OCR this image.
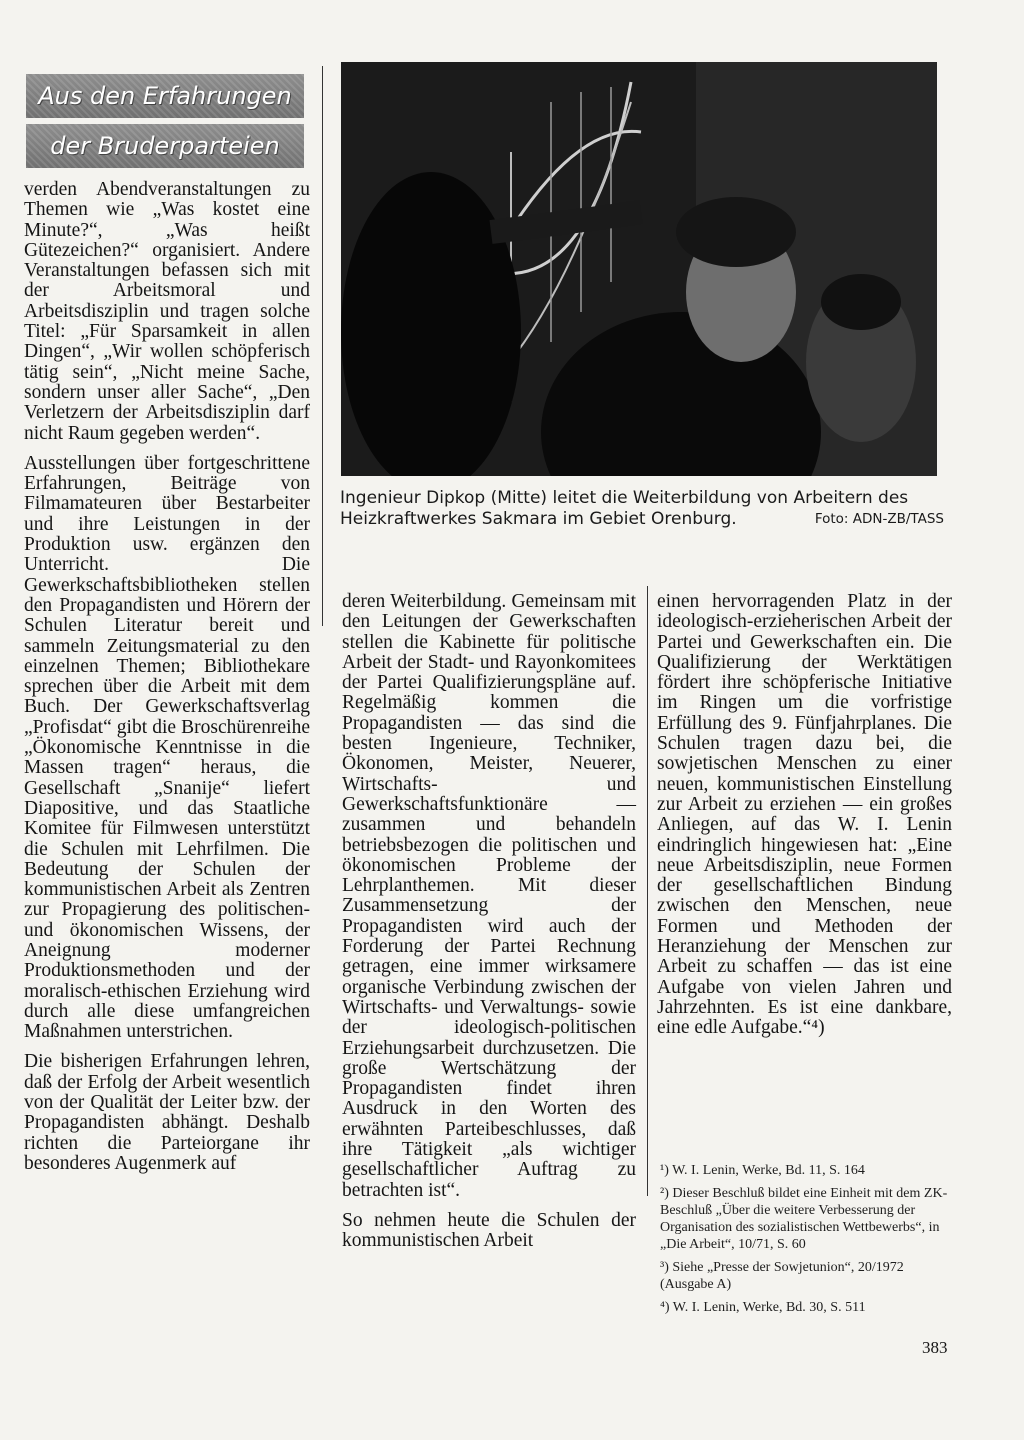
Aus den Erfahrungen
der Bruderparteien

verden Abendveranstaltungen zu Themen wie „Was kostet eine Minute?“, „Was heißt Gütezeichen?“ organisiert. Andere Veranstaltungen befassen sich mit der Arbeitsmoral und Arbeitsdisziplin und tragen solche Titel: „Für Sparsamkeit in allen Dingen“, „Wir wollen schöpferisch tätig sein“, „Nicht meine Sache, sondern unser aller Sache“, „Den Verletzern der Arbeitsdisziplin darf nicht Raum gegeben werden“.

Ausstellungen über fortgeschrittene Erfahrungen, Beiträge von Filmamateuren über Bestarbeiter und ihre Leistungen in der Produktion usw. ergänzen den Unterricht. Die Gewerkschaftsbibliotheken stellen den Propagandisten und Hörern der Schulen Literatur bereit und sammeln Zeitungsmaterial zu den einzelnen Themen; Bibliothekare sprechen über die Arbeit mit dem Buch. Der Gewerkschaftsverlag „Profisdat“ gibt die Broschürenreihe „Ökonomische Kenntnisse in die Massen tragen“ heraus, die Gesellschaft „Snanije“ liefert Diapositive, und das Staatliche Komitee für Filmwesen unterstützt die Schulen mit Lehrfilmen. Die Bedeutung der Schulen der kommunistischen Arbeit als Zentren zur Propagierung des politischen- und ökonomischen Wissens, der Aneignung moderner Produktionsmethoden und der moralisch-ethischen Erziehung wird durch alle diese umfangreichen Maßnahmen unterstrichen.

Die bisherigen Erfahrungen lehren, daß der Erfolg der Arbeit wesentlich von der Qualität der Leiter bzw. der Propagandisten abhängt. Deshalb richten die Parteiorgane ihr besonderes Augenmerk auf

Ingenieur Dipkop (Mitte) leitet die Weiterbildung von Arbeitern des Heizkraftwerkes Sakmara im Gebiet Orenburg.	Foto: ADN-ZB/TASS

deren Weiterbildung. Gemeinsam mit den Leitungen der Gewerkschaften stellen die Kabinette für politische Arbeit der Stadt- und Rayonkomitees der Partei Qualifizierungspläne auf. Regelmäßig kommen die Propagandisten — das sind die besten Ingenieure, Techniker, Ökonomen, Meister, Neuerer, Wirtschafts- und Gewerkschaftsfunktionäre — zusammen und behandeln betriebsbezogen die politischen und ökonomischen Probleme der Lehrplanthemen. Mit dieser Zusammensetzung der Propagandisten wird auch der Forderung der Partei Rechnung getragen, eine immer wirksamere organische Verbindung zwischen der Wirtschafts- und Verwaltungs- sowie der ideologisch-politischen Erziehungsarbeit durchzusetzen. Die große Wertschätzung der Propagandisten findet ihren Ausdruck in den Worten des erwähnten Parteibeschlusses, daß ihre Tätigkeit „als wichtiger gesellschaftlicher Auftrag zu betrachten ist“.

So nehmen heute die Schulen der kommunistischen Arbeit

einen hervorragenden Platz in der ideologisch-erzieherischen Arbeit der Partei und Gewerkschaften ein. Die Qualifizierung der Werktätigen fördert ihre schöpferische Initiative im Ringen um die vorfristige Erfüllung des 9. Fünfjahrplanes. Die Schulen tragen dazu bei, die sowjetischen Menschen zu einer neuen, kommunistischen Einstellung zur Arbeit zu erziehen — ein großes Anliegen, auf das W. I. Lenin eindringlich hingewiesen hat: „Eine neue Arbeitsdisziplin, neue Formen der gesellschaftlichen Bindung zwischen den Menschen, neue Formen und Methoden der Heranziehung der Menschen zur Arbeit zu schaffen — das ist eine Aufgabe von vielen Jahren und Jahrzehnten. Es ist eine dankbare, eine edle Aufgabe.“⁴)

¹) W. I. Lenin, Werke, Bd. 11, S. 164

²) Dieser Beschluß bildet eine Einheit mit dem ZK-Beschluß „Über die weitere Verbesserung der Organisation des sozialistischen Wettbewerbs“, in „Die Arbeit“, 10/71, S. 60

³) Siehe „Presse der Sowjetunion“, 20/1972 (Ausgabe A)

⁴) W. I. Lenin, Werke, Bd. 30, S. 511

383
